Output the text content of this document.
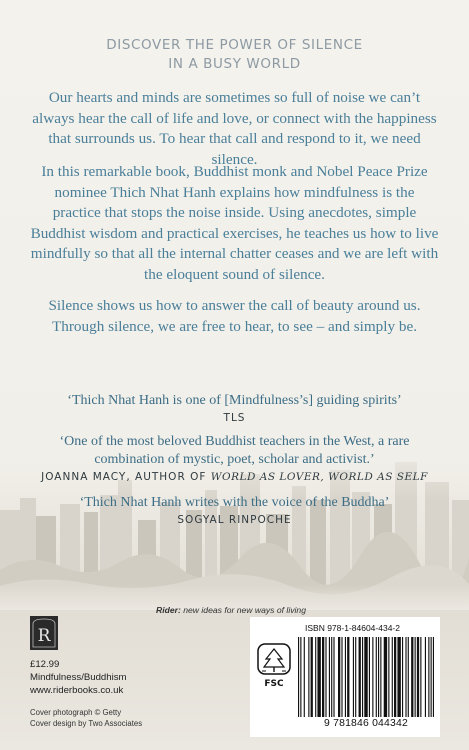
DISCOVER THE POWER OF SILENCE
IN A BUSY WORLD

Our hearts and minds are sometimes so full of noise we can’t always hear the call of life and love, or connect with the happiness that surrounds us. To hear that call and respond to it, we need silence.

In this remarkable book, Buddhist monk and Nobel Peace Prize nominee Thich Nhat Hanh explains how mindfulness is the practice that stops the noise inside. Using anecdotes, simple Buddhist wisdom and practical exercises, he teaches us how to live mindfully so that all the internal chatter ceases and we are left with the eloquent sound of silence.

Silence shows us how to answer the call of beauty around us. Through silence, we are free to hear, to see – and simply be.

‘Thich Nhat Hanh is one of [Mindfulness’s] guiding spirits’

TLS

‘One of the most beloved Buddhist teachers in the West, a rare combination of mystic, poet, scholar and activist.’

JOANNA MACY, AUTHOR OF WORLD AS LOVER, WORLD AS SELF

‘Thich Nhat Hanh writes with the voice of the Buddha’

SOGYAL RINPOCHE
Rider: new ideas for new ways of living
R
£12.99
Mindfulness/Buddhism
www.riderbooks.co.uk
Cover photograph © Getty
Cover design by Two Associates
ISBN 978-1-84604-434-2
FSC
9 781846 044342
